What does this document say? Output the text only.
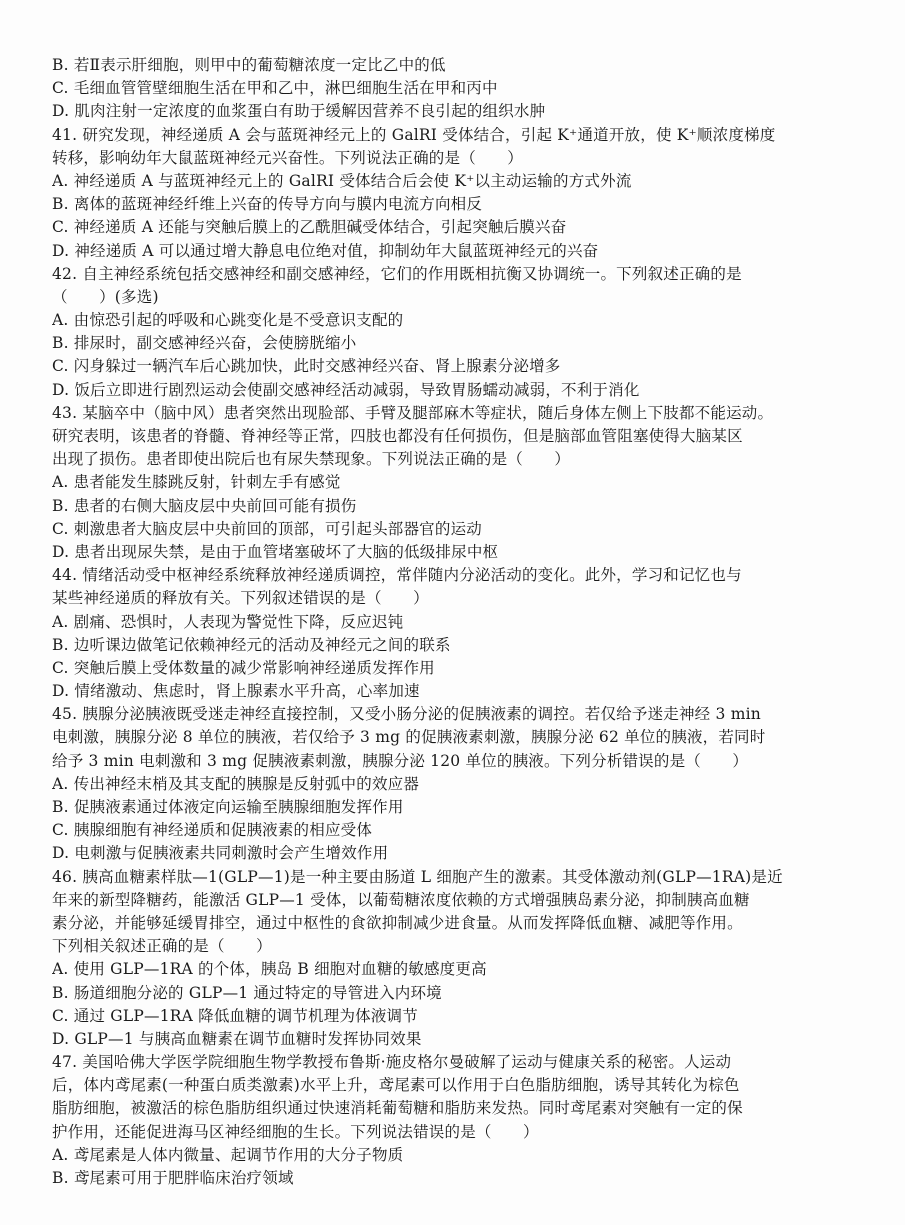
B. 若Ⅱ表示肝细胞，则甲中的葡萄糖浓度一定比乙中的低
C. 毛细血管管壁细胞生活在甲和乙中，淋巴细胞生活在甲和丙中
D. 肌肉注射一定浓度的血浆蛋白有助于缓解因营养不良引起的组织水肿
41. 研究发现，神经递质 A 会与蓝斑神经元上的 GalRI 受体结合，引起 K⁺通道开放，使 K⁺顺浓度梯度
转移，影响幼年大鼠蓝斑神经元兴奋性。下列说法正确的是（　　）
A. 神经递质 A 与蓝斑神经元上的 GalRI 受体结合后会使 K⁺以主动运输的方式外流
B. 离体的蓝斑神经纤维上兴奋的传导方向与膜内电流方向相反
C. 神经递质 A 还能与突触后膜上的乙酰胆碱受体结合，引起突触后膜兴奋
D. 神经递质 A 可以通过增大静息电位绝对值，抑制幼年大鼠蓝斑神经元的兴奋
42. 自主神经系统包括交感神经和副交感神经，它们的作用既相抗衡又协调统一。下列叙述正确的是
（　　）(多选)
A. 由惊恐引起的呼吸和心跳变化是不受意识支配的
B. 排尿时，副交感神经兴奋，会使膀胱缩小
C. 闪身躲过一辆汽车后心跳加快，此时交感神经兴奋、肾上腺素分泌增多
D. 饭后立即进行剧烈运动会使副交感神经活动减弱，导致胃肠蠕动减弱，不利于消化
43. 某脑卒中（脑中风）患者突然出现脸部、手臂及腿部麻木等症状，随后身体左侧上下肢都不能运动。
研究表明，该患者的脊髓、脊神经等正常，四肢也都没有任何损伤，但是脑部血管阻塞使得大脑某区
出现了损伤。患者即使出院后也有尿失禁现象。下列说法正确的是（　　）
A. 患者能发生膝跳反射，针刺左手有感觉
B. 患者的右侧大脑皮层中央前回可能有损伤
C. 刺激患者大脑皮层中央前回的顶部，可引起头部器官的运动
D. 患者出现尿失禁，是由于血管堵塞破坏了大脑的低级排尿中枢
44. 情绪活动受中枢神经系统释放神经递质调控，常伴随内分泌活动的变化。此外，学习和记忆也与
某些神经递质的释放有关。下列叙述错误的是（　　）
A. 剧痛、恐惧时，人表现为警觉性下降，反应迟钝
B. 边听课边做笔记依赖神经元的活动及神经元之间的联系
C. 突触后膜上受体数量的减少常影响神经递质发挥作用
D. 情绪激动、焦虑时，肾上腺素水平升高，心率加速
45. 胰腺分泌胰液既受迷走神经直接控制，又受小肠分泌的促胰液素的调控。若仅给予迷走神经 3 min
电刺激，胰腺分泌 8 单位的胰液，若仅给予 3 mg 的促胰液素刺激，胰腺分泌 62 单位的胰液，若同时
给予 3 min 电刺激和 3 mg 促胰液素刺激，胰腺分泌 120 单位的胰液。下列分析错误的是（　　）
A. 传出神经末梢及其支配的胰腺是反射弧中的效应器
B. 促胰液素通过体液定向运输至胰腺细胞发挥作用
C. 胰腺细胞有神经递质和促胰液素的相应受体
D. 电刺激与促胰液素共同刺激时会产生增效作用
46. 胰高血糖素样肽—1(GLP—1)是一种主要由肠道 L 细胞产生的激素。其受体激动剂(GLP—1RA)是近
年来的新型降糖药，能激活 GLP—1 受体，以葡萄糖浓度依赖的方式增强胰岛素分泌，抑制胰高血糖
素分泌，并能够延缓胃排空，通过中枢性的食欲抑制减少进食量。从而发挥降低血糖、减肥等作用。
下列相关叙述正确的是（　　）
A. 使用 GLP—1RA 的个体，胰岛 B 细胞对血糖的敏感度更高
B. 肠道细胞分泌的 GLP—1 通过特定的导管进入内环境
C. 通过 GLP—1RA 降低血糖的调节机理为体液调节
D. GLP—1 与胰高血糖素在调节血糖时发挥协同效果
47. 美国哈佛大学医学院细胞生物学教授布鲁斯·施皮格尔曼破解了运动与健康关系的秘密。人运动
后，体内鸢尾素(一种蛋白质类激素)水平上升，鸢尾素可以作用于白色脂肪细胞，诱导其转化为棕色
脂肪细胞，被激活的棕色脂肪组织通过快速消耗葡萄糖和脂肪来发热。同时鸢尾素对突触有一定的保
护作用，还能促进海马区神经细胞的生长。下列说法错误的是（　　）
A. 鸢尾素是人体内微量、起调节作用的大分子物质
B. 鸢尾素可用于肥胖临床治疗领域
